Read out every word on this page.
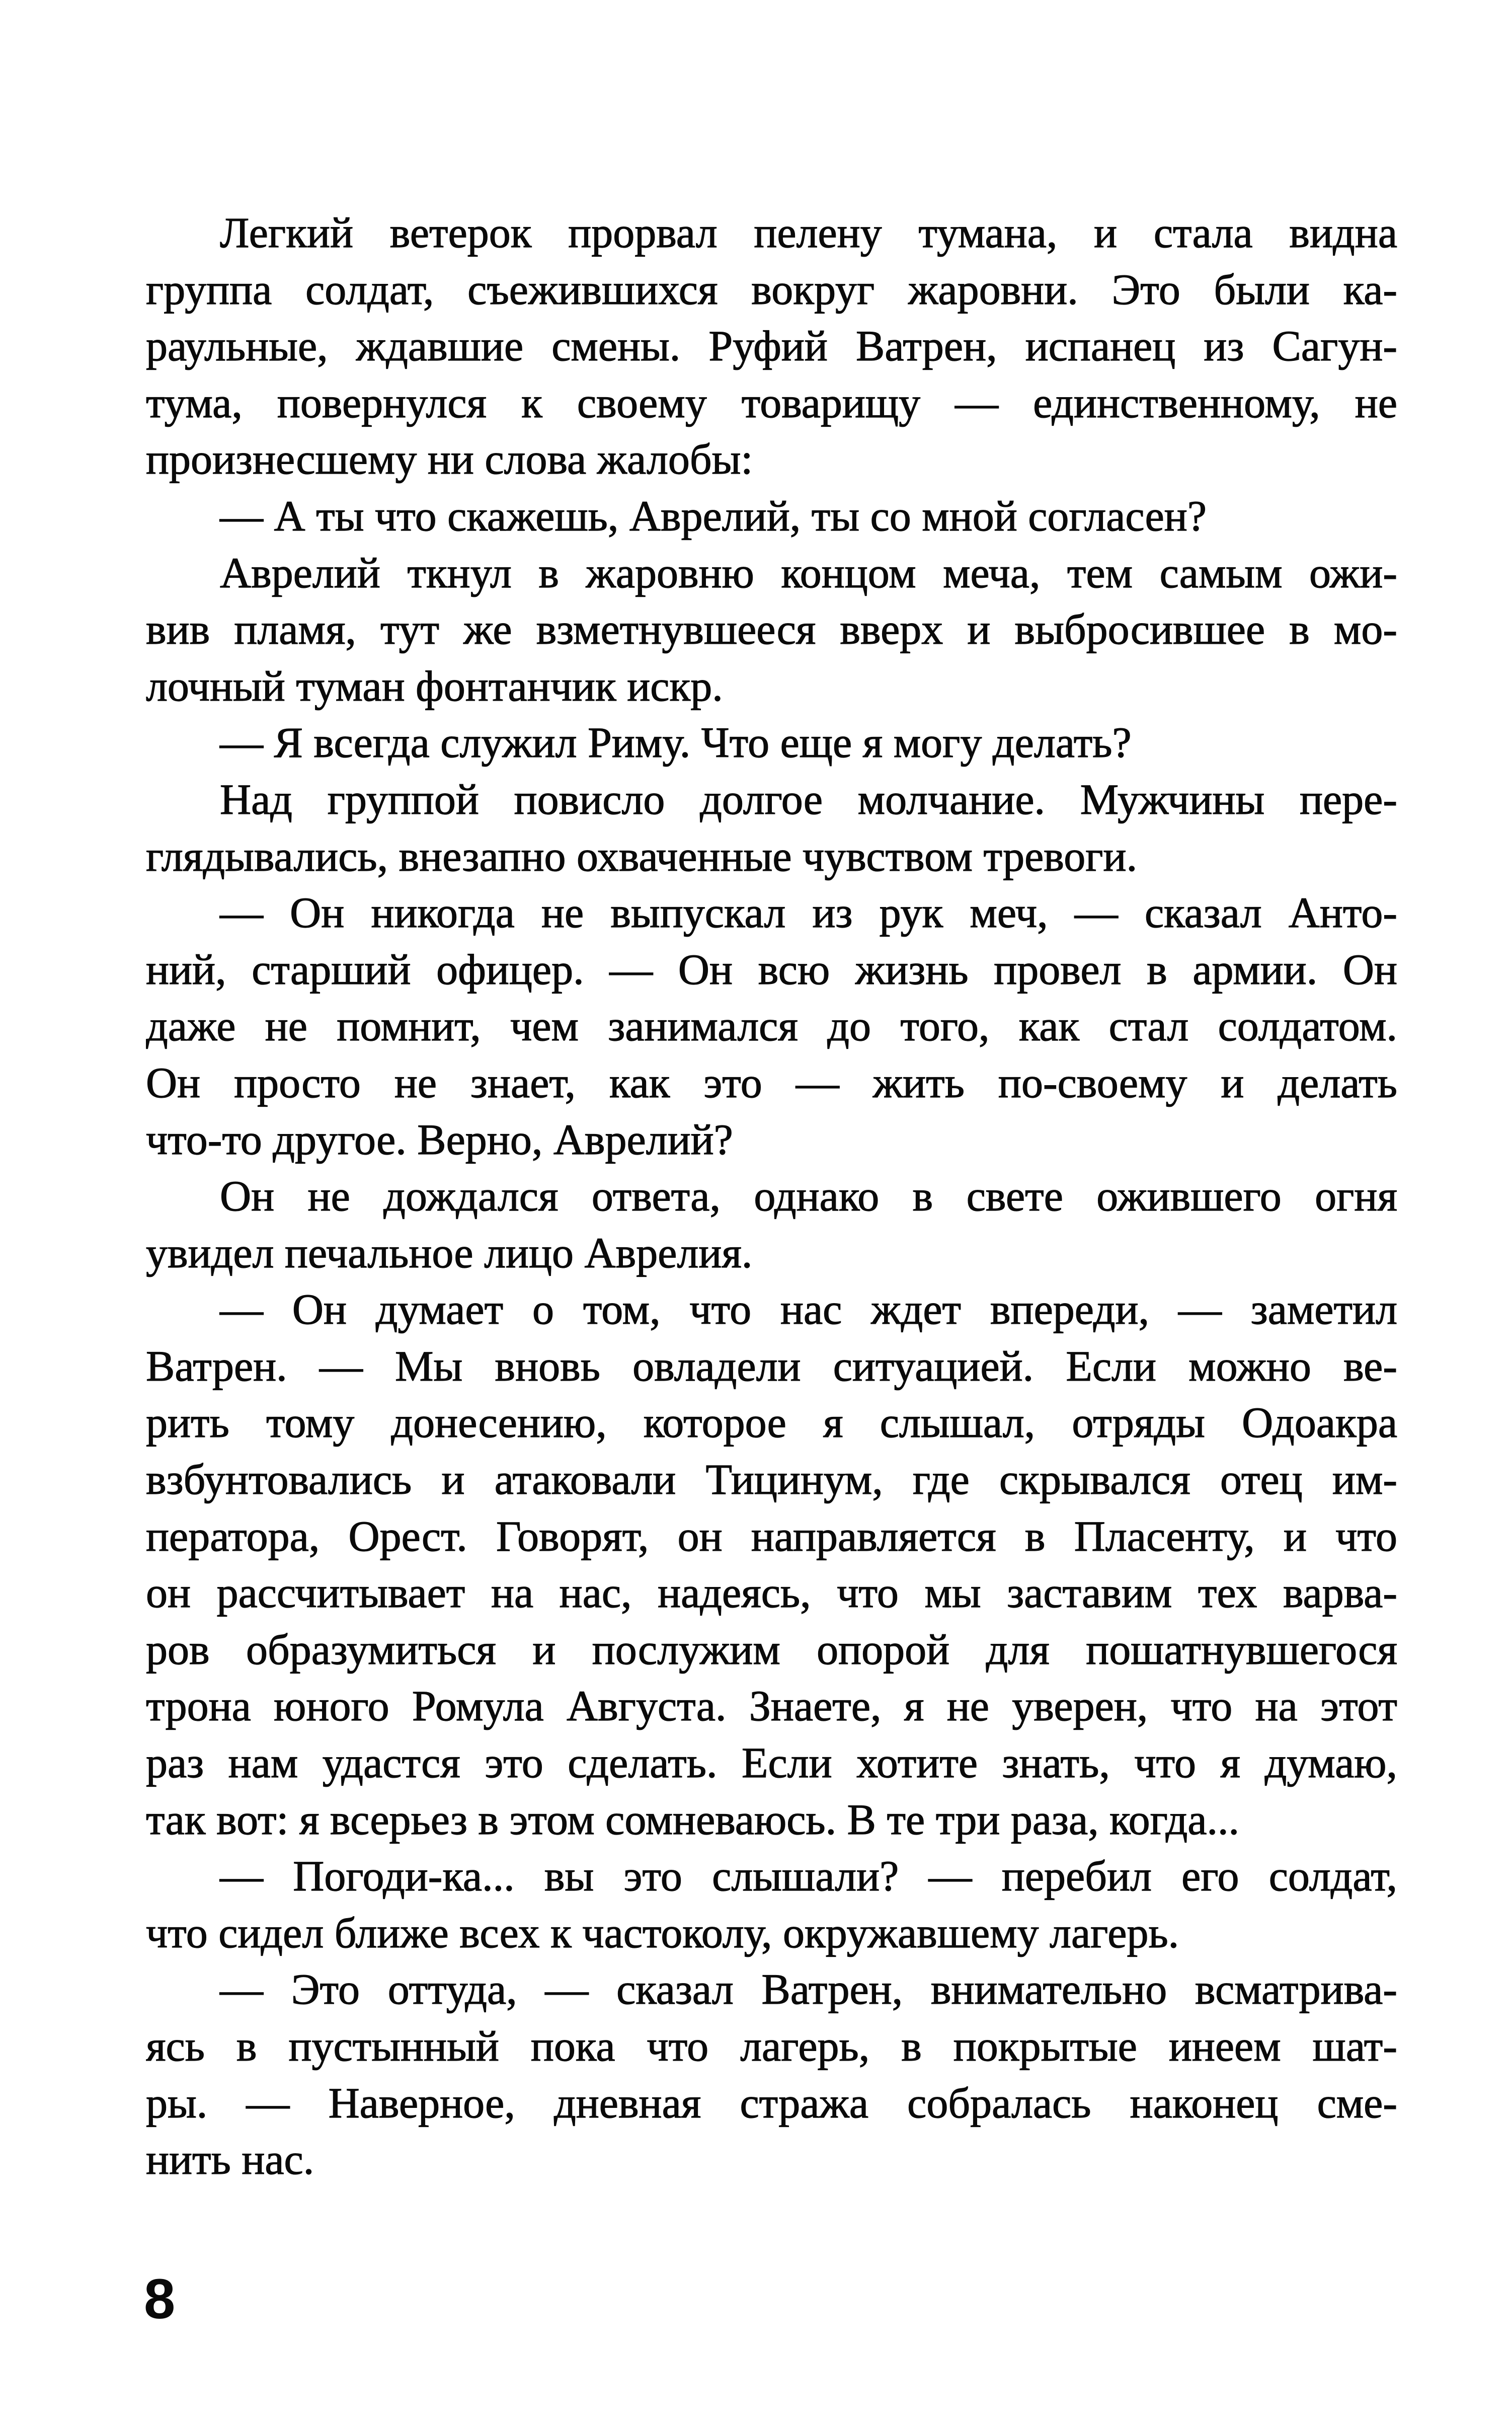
Легкий ветерок прорвал пелену тумана, и стала видна
группа солдат, съежившихся вокруг жаровни. Это были ка-
раульные, ждавшие смены. Руфий Ватрен, испанец из Сагун-
тума, повернулся к своему товарищу — единственному, не
произнесшему ни слова жалобы:
— А ты что скажешь, Аврелий, ты со мной согласен?
Аврелий ткнул в жаровню концом меча, тем самым ожи-
вив пламя, тут же взметнувшееся вверх и выбросившее в мо-
лочный туман фонтанчик искр.
— Я всегда служил Риму. Что еще я могу делать?
Над группой повисло долгое молчание. Мужчины пере-
глядывались, внезапно охваченные чувством тревоги.
— Он никогда не выпускал из рук меч, — сказал Анто-
ний, старший офицер. — Он всю жизнь провел в армии. Он
даже не помнит, чем занимался до того, как стал солдатом.
Он просто не знает, как это — жить по-своему и делать
что-то другое. Верно, Аврелий?
Он не дождался ответа, однако в свете ожившего огня
увидел печальное лицо Аврелия.
— Он думает о том, что нас ждет впереди, — заметил
Ватрен. — Мы вновь овладели ситуацией. Если можно ве-
рить тому донесению, которое я слышал, отряды Одоакра
взбунтовались и атаковали Тицинум, где скрывался отец им-
ператора, Орест. Говорят, он направляется в Пласенту, и что
он рассчитывает на нас, надеясь, что мы заставим тех варва-
ров образумиться и послужим опорой для пошатнувшегося
трона юного Ромула Августа. Знаете, я не уверен, что на этот
раз нам удастся это сделать. Если хотите знать, что я думаю,
так вот: я всерьез в этом сомневаюсь. В те три раза, когда...
— Погоди-ка... вы это слышали? — перебил его солдат,
что сидел ближе всех к частоколу, окружавшему лагерь.
— Это оттуда, — сказал Ватрен, внимательно всматрива-
ясь в пустынный пока что лагерь, в покрытые инеем шат-
ры. — Наверное, дневная стража собралась наконец сме-
нить нас.
8
